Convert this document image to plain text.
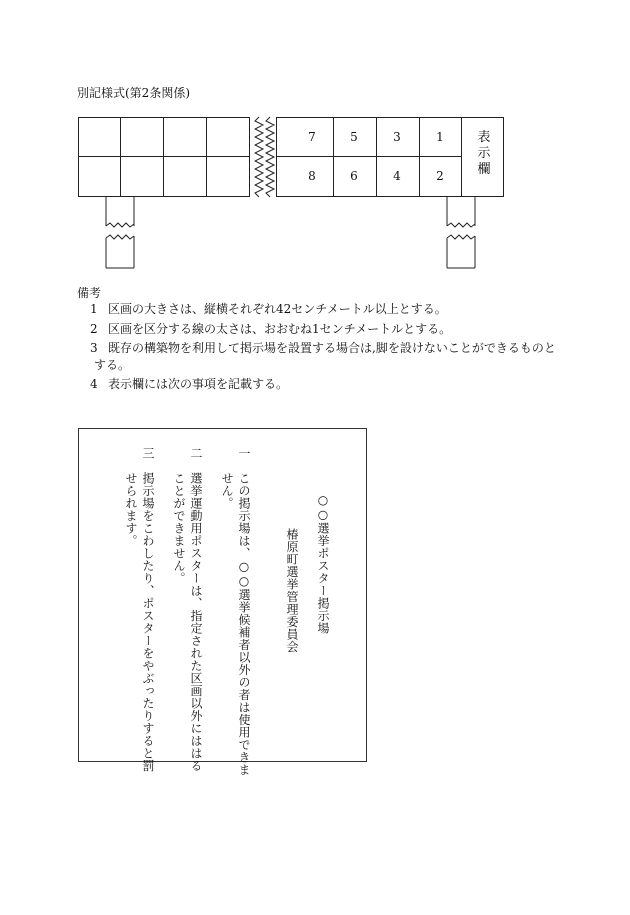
別記様式(第2条関係)
7	5	3	1
8	6	4	2
表示欄
備考
1 区画の大きさは、縦横それぞれ42センチメートル以上とする。
2 区画を区分する線の太さは、おおむね1センチメートルとする。
3 既存の構築物を利用して掲示場を設置する場合は,脚を設けないことができるものと
する。
4 表示欄には次の事項を記載する。
○○選挙ポスター掲示場
椿原町選挙管理委員会
一　この掲示場は、○○選挙候補者以外の者は使用できま
せん。
二　選挙運動用ポスターは、指定された区画以外にははる
ことができません。
三　掲示場をこわしたり、ポスターをやぶったりすると罰
せられます。
